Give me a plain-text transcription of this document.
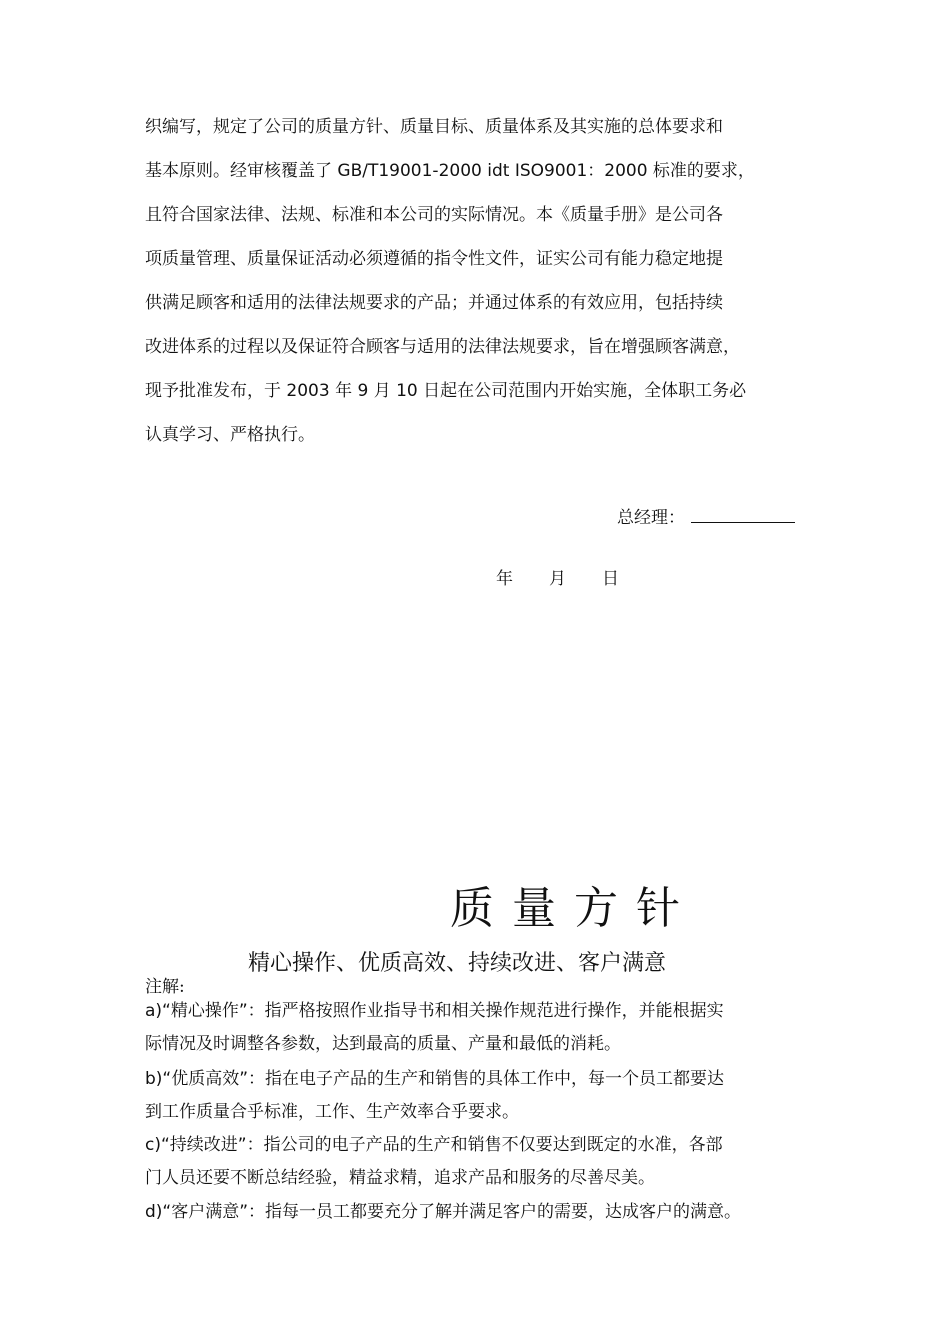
织编写，规定了公司的质量方针、质量目标、质量体系及其实施的总体要求和
基本原则。经审核覆盖了 GB/T19001-2000 idt ISO9001：2000 标准的要求，
且符合国家法律、法规、标准和本公司的实际情况。本《质量手册》是公司各
项质量管理、质量保证活动必须遵循的指令性文件，证实公司有能力稳定地提
供满足顾客和适用的法律法规要求的产品；并通过体系的有效应用，包括持续
改进体系的过程以及保证符合顾客与适用的法律法规要求，旨在增强顾客满意，
现予批准发布，于 2003 年 9 月 10 日起在公司范围内开始实施，全体职工务必
认真学习、严格执行。
总经理：
年 月 日
质量方针
精心操作、优质高效、持续改进、客户满意
注解:
a)“精心操作”：指严格按照作业指导书和相关操作规范进行操作，并能根据实
际情况及时调整各参数，达到最高的质量、产量和最低的消耗。
b)“优质高效”：指在电子产品的生产和销售的具体工作中，每一个员工都要达
到工作质量合乎标准，工作、生产效率合乎要求。
c)“持续改进”：指公司的电子产品的生产和销售不仅要达到既定的水准，各部
门人员还要不断总结经验，精益求精，追求产品和服务的尽善尽美。
d)“客户满意”：指每一员工都要充分了解并满足客户的需要，达成客户的满意。
